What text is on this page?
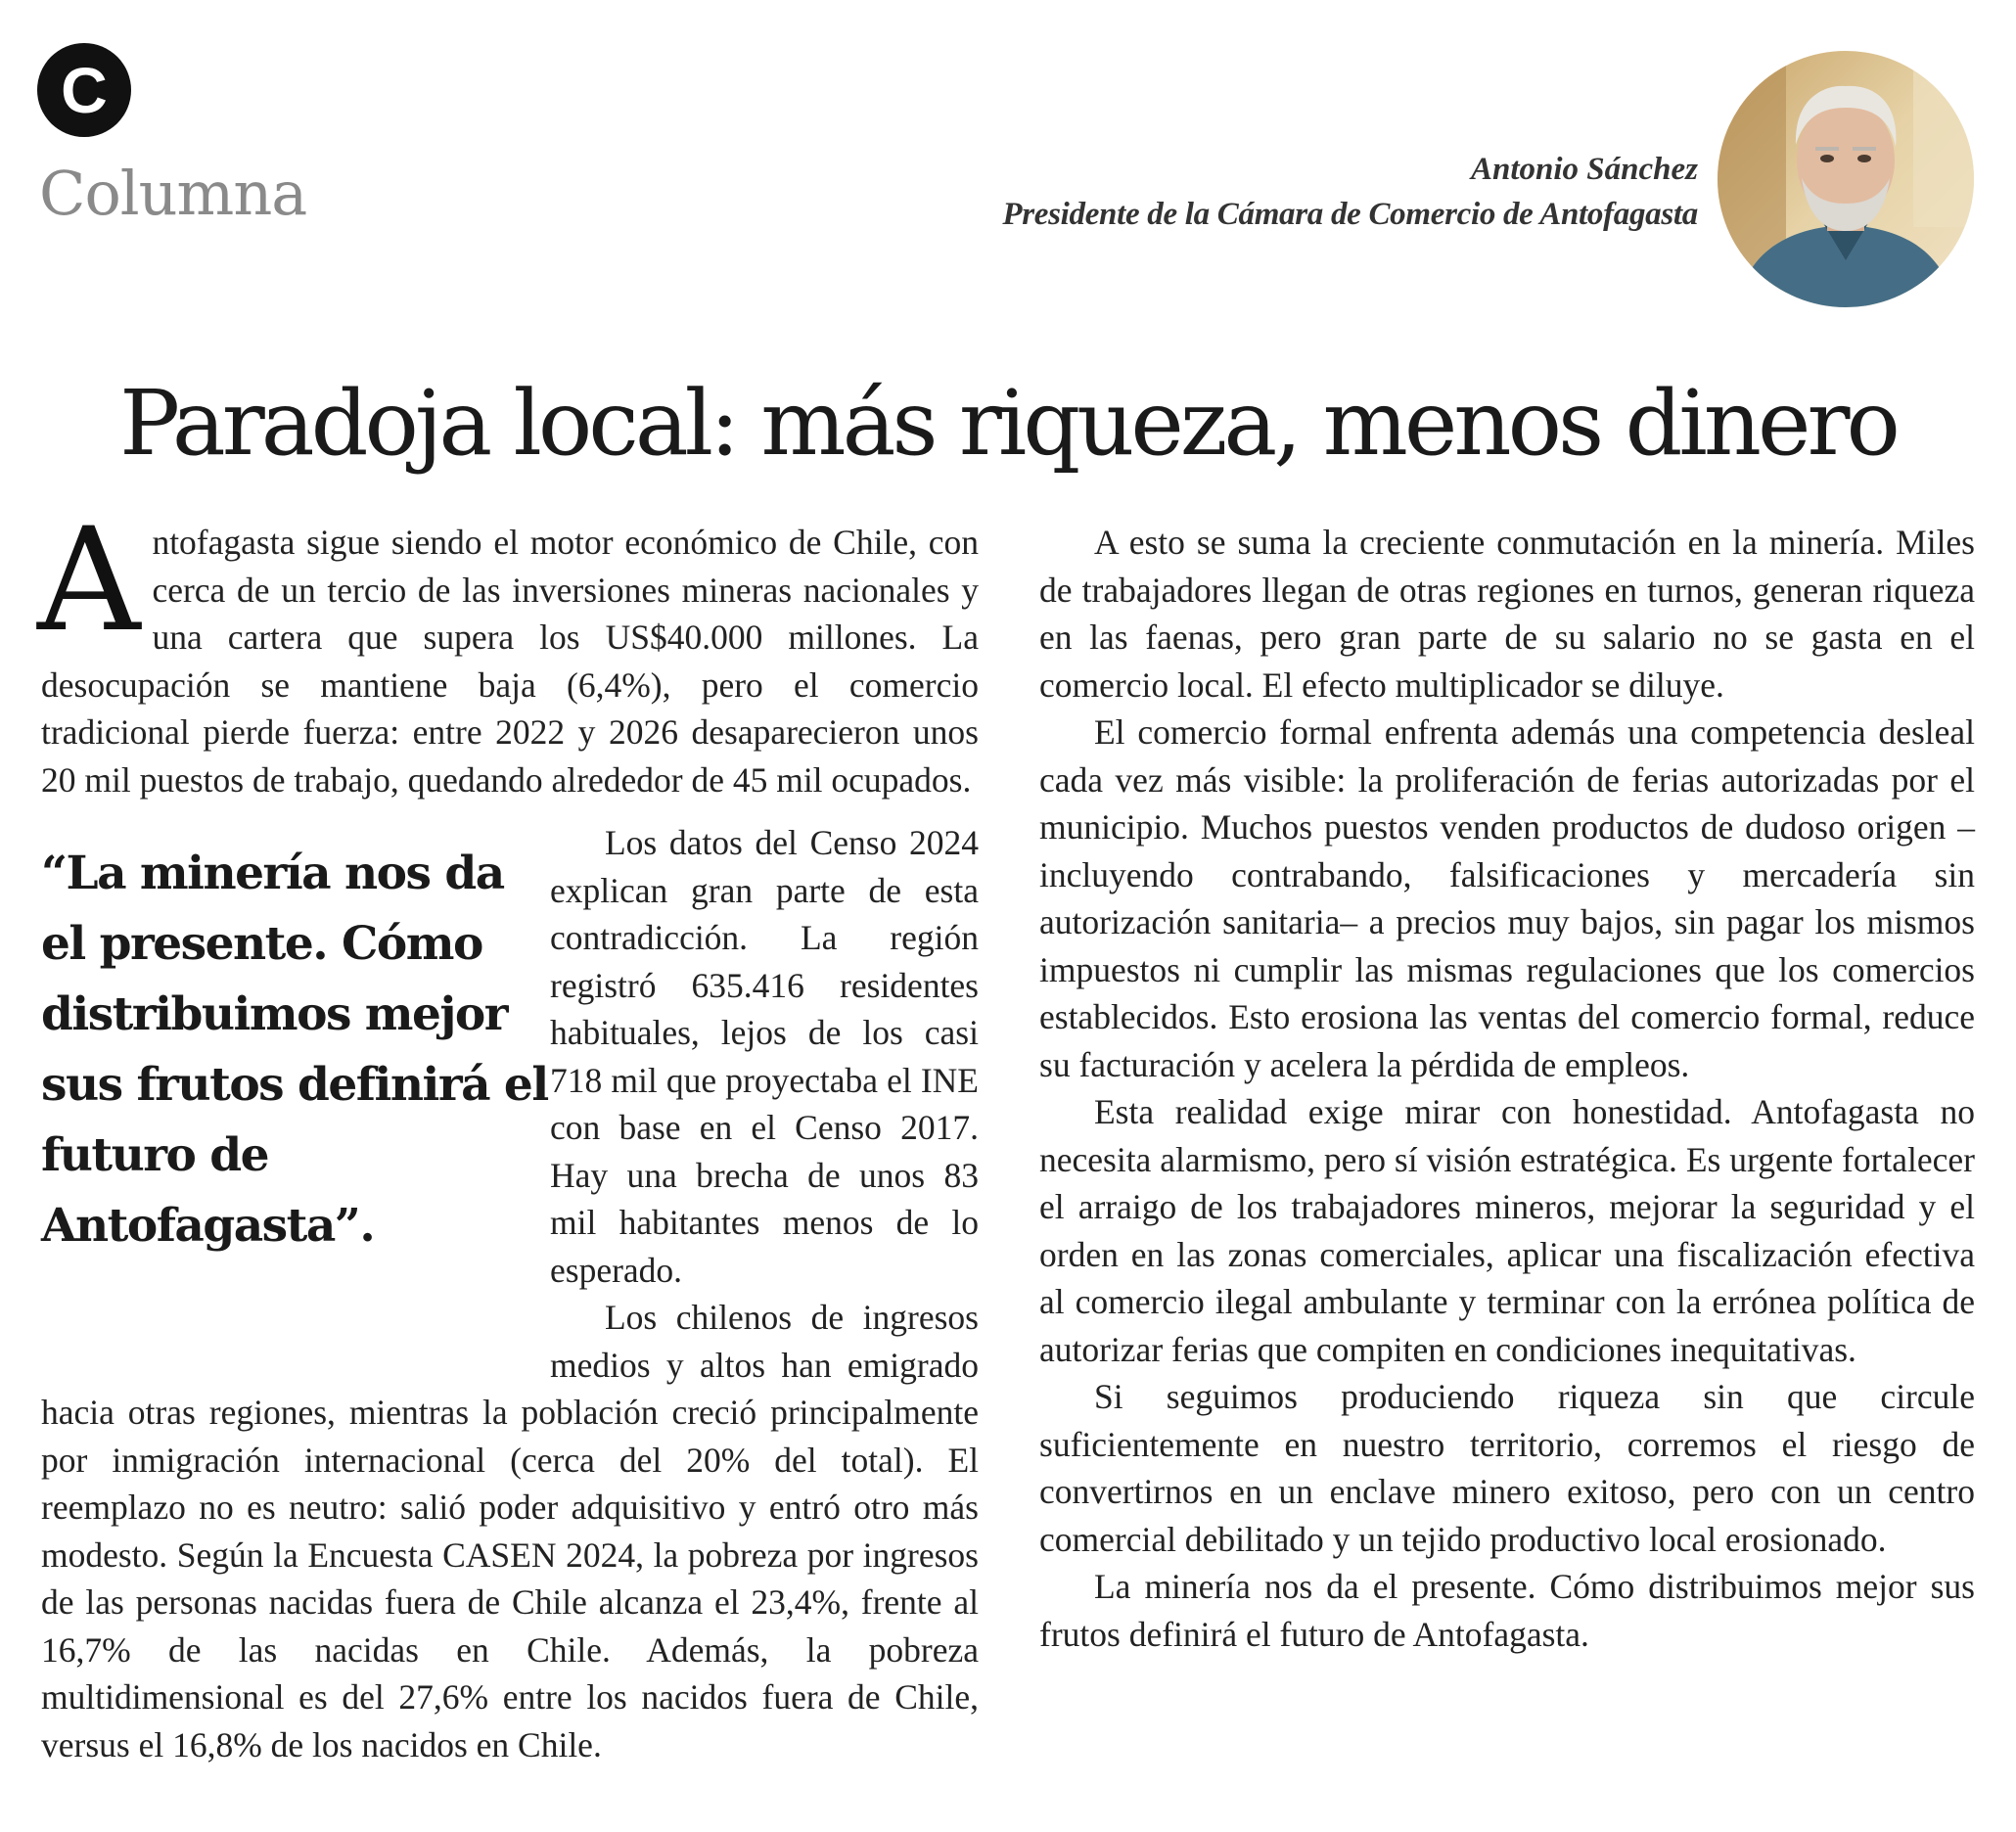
C
Columna	Antonio Sánchez
Presidente de la Cámara de Comercio de Antofagasta
Paradoja local: más riqueza, menos dinero

Antofagasta sigue siendo el motor económico de Chile, con cerca de un tercio de las inversiones mineras nacionales y una cartera que supera los US$40.000 millones. La desocupación se mantiene baja (6,4%), pero el comercio tradicional pierde fuerza: entre 2022 y 2026 desaparecieron unos 20 mil puestos de trabajo, quedando alrededor de 45 mil ocupados.

“La minería nos da el presente. Cómo distribuimos mejor sus frutos definirá el futuro de Antofagasta”.

Los datos del Censo 2024 explican gran parte de esta contradicción. La región registró 635.416 residentes habituales, lejos de los casi 718 mil que proyectaba el INE con base en el Censo 2017. Hay una brecha de unos 83 mil habitantes menos de lo esperado.

Los chilenos de ingresos medios y altos han emigrado hacia otras regiones, mientras la población creció principalmente por inmigración internacional (cerca del 20% del total). El reemplazo no es neutro: salió poder adquisitivo y entró otro más modesto. Según la Encuesta CASEN 2024, la pobreza por ingresos de las personas nacidas fuera de Chile alcanza el 23,4%, frente al 16,7% de las nacidas en Chile. Además, la pobreza multidimensional es del 27,6% entre los nacidos fuera de Chile, versus el 16,8% de los nacidos en Chile.

A esto se suma la creciente conmutación en la minería. Miles de trabajadores llegan de otras regiones en turnos, generan riqueza en las faenas, pero gran parte de su salario no se gasta en el comercio local. El efecto multiplicador se diluye.

El comercio formal enfrenta además una competencia desleal cada vez más visible: la proliferación de ferias autorizadas por el municipio. Muchos puestos venden productos de dudoso origen –incluyendo contrabando, falsificaciones y mercadería sin autorización sanitaria– a precios muy bajos, sin pagar los mismos impuestos ni cumplir las mismas regulaciones que los comercios establecidos. Esto erosiona las ventas del comercio formal, reduce su facturación y acelera la pérdida de empleos.

Esta realidad exige mirar con honestidad. Antofagasta no necesita alarmismo, pero sí visión estratégica. Es urgente fortalecer el arraigo de los trabajadores mineros, mejorar la seguridad y el orden en las zonas comerciales, aplicar una fiscalización efectiva al comercio ilegal ambulante y terminar con la errónea política de autorizar ferias que compiten en condiciones inequitativas.

Si seguimos produciendo riqueza sin que circule suficientemente en nuestro territorio, corremos el riesgo de convertirnos en un enclave minero exitoso, pero con un centro comercial debilitado y un tejido productivo local erosionado.

La minería nos da el presente. Cómo distribuimos mejor sus frutos definirá el futuro de Antofagasta.
